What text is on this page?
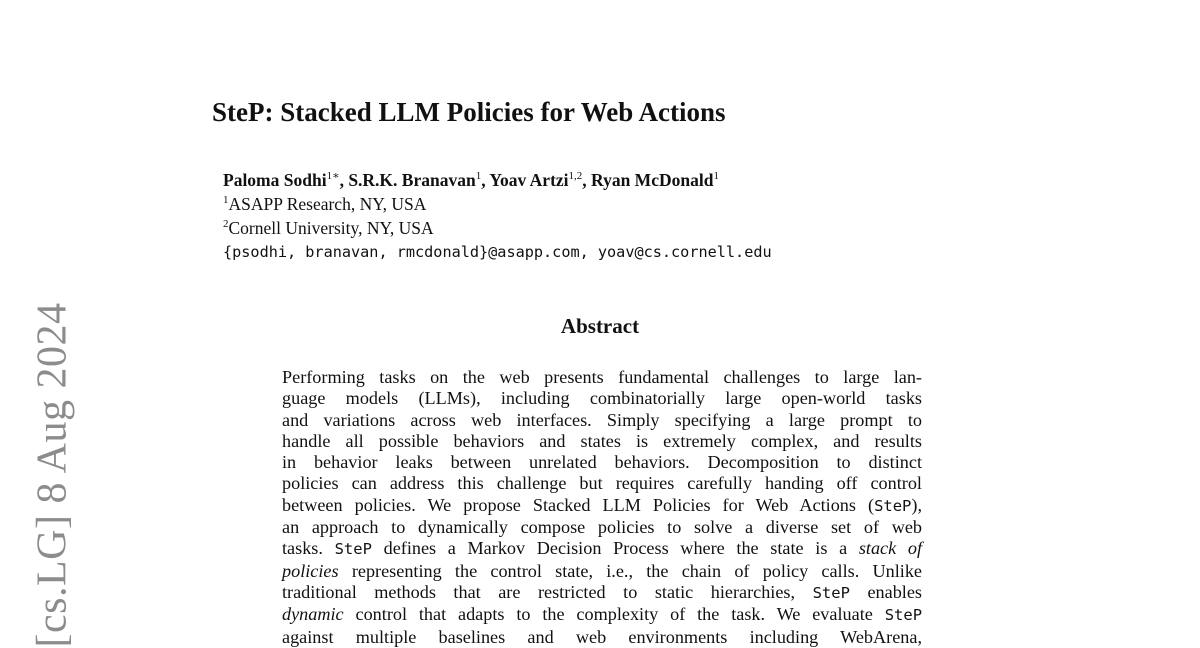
[cs.LG] 8 Aug 2024
SteP: Stacked LLM Policies for Web Actions
Paloma Sodhi$^{1∗}$, S.R.K. Branavan$^1$, Yoav Artzi$^{1,2}$, Ryan McDonald$^1$
$^1$ASAPP Research, NY, USA
$^2$Cornell University, NY, USA
{psodhi, branavan, rmcdonald}@asapp.com, yoav@cs.cornell.edu
Abstract
Performing tasks on the web presents fundamental challenges to large lan-
guage models (LLMs), including combinatorially large open-world tasks
and variations across web interfaces. Simply specifying a large prompt to
handle all possible behaviors and states is extremely complex, and results
in behavior leaks between unrelated behaviors. Decomposition to distinct
policies can address this challenge but requires carefully handing off control
between policies. We propose Stacked LLM Policies for Web Actions (SteP),
an approach to dynamically compose policies to solve a diverse set of web
tasks. SteP defines a Markov Decision Process where the state is a stack of
policies representing the control state, i.e., the chain of policy calls. Unlike
traditional methods that are restricted to static hierarchies, SteP enables
dynamic control that adapts to the complexity of the task. We evaluate SteP
against multiple baselines and web environments including WebArena,
